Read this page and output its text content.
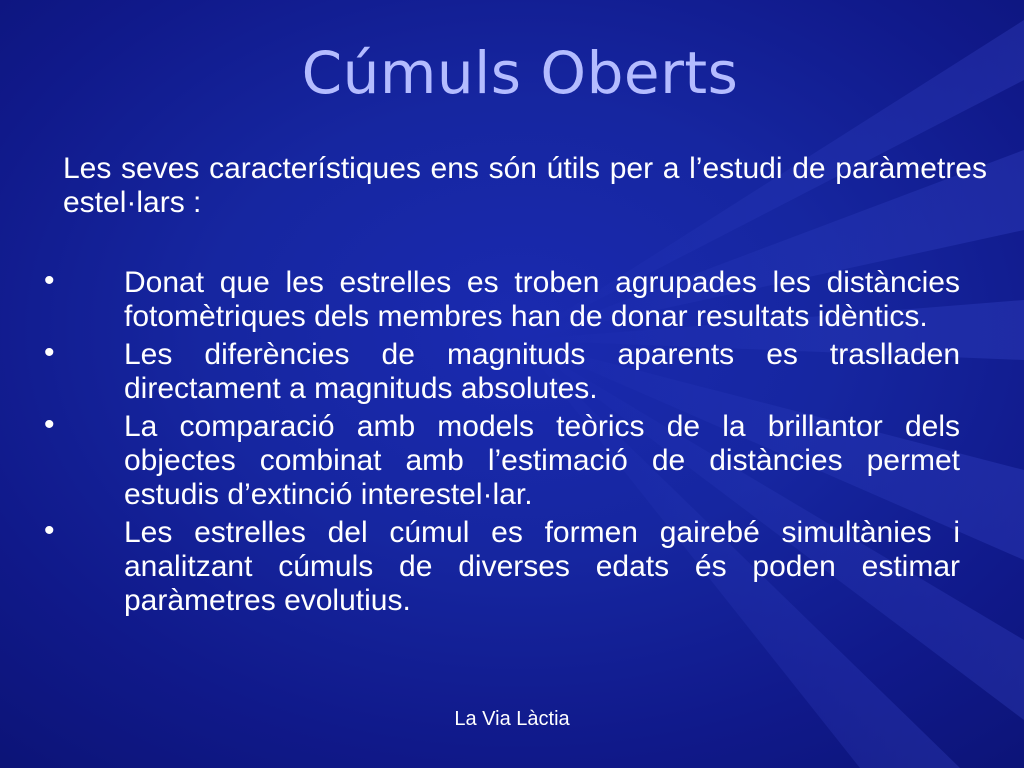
Cúmuls Oberts

Les seves característiques ens són útils per a l’estudi de paràmetres estel·lars :

• Donat que les estrelles es troben agrupades les distàncies fotomètriques dels membres han de donar resultats idèntics.
• Les diferències de magnituds aparents es traslladen directament a magnituds absolutes.
• La comparació amb models teòrics de la brillantor dels objectes combinat amb l’estimació de distàncies permet estudis d’extinció interestel·lar.
• Les estrelles del cúmul es formen gairebé simultànies i analitzant cúmuls de diverses edats és poden estimar paràmetres evolutius.
La Via Làctia
